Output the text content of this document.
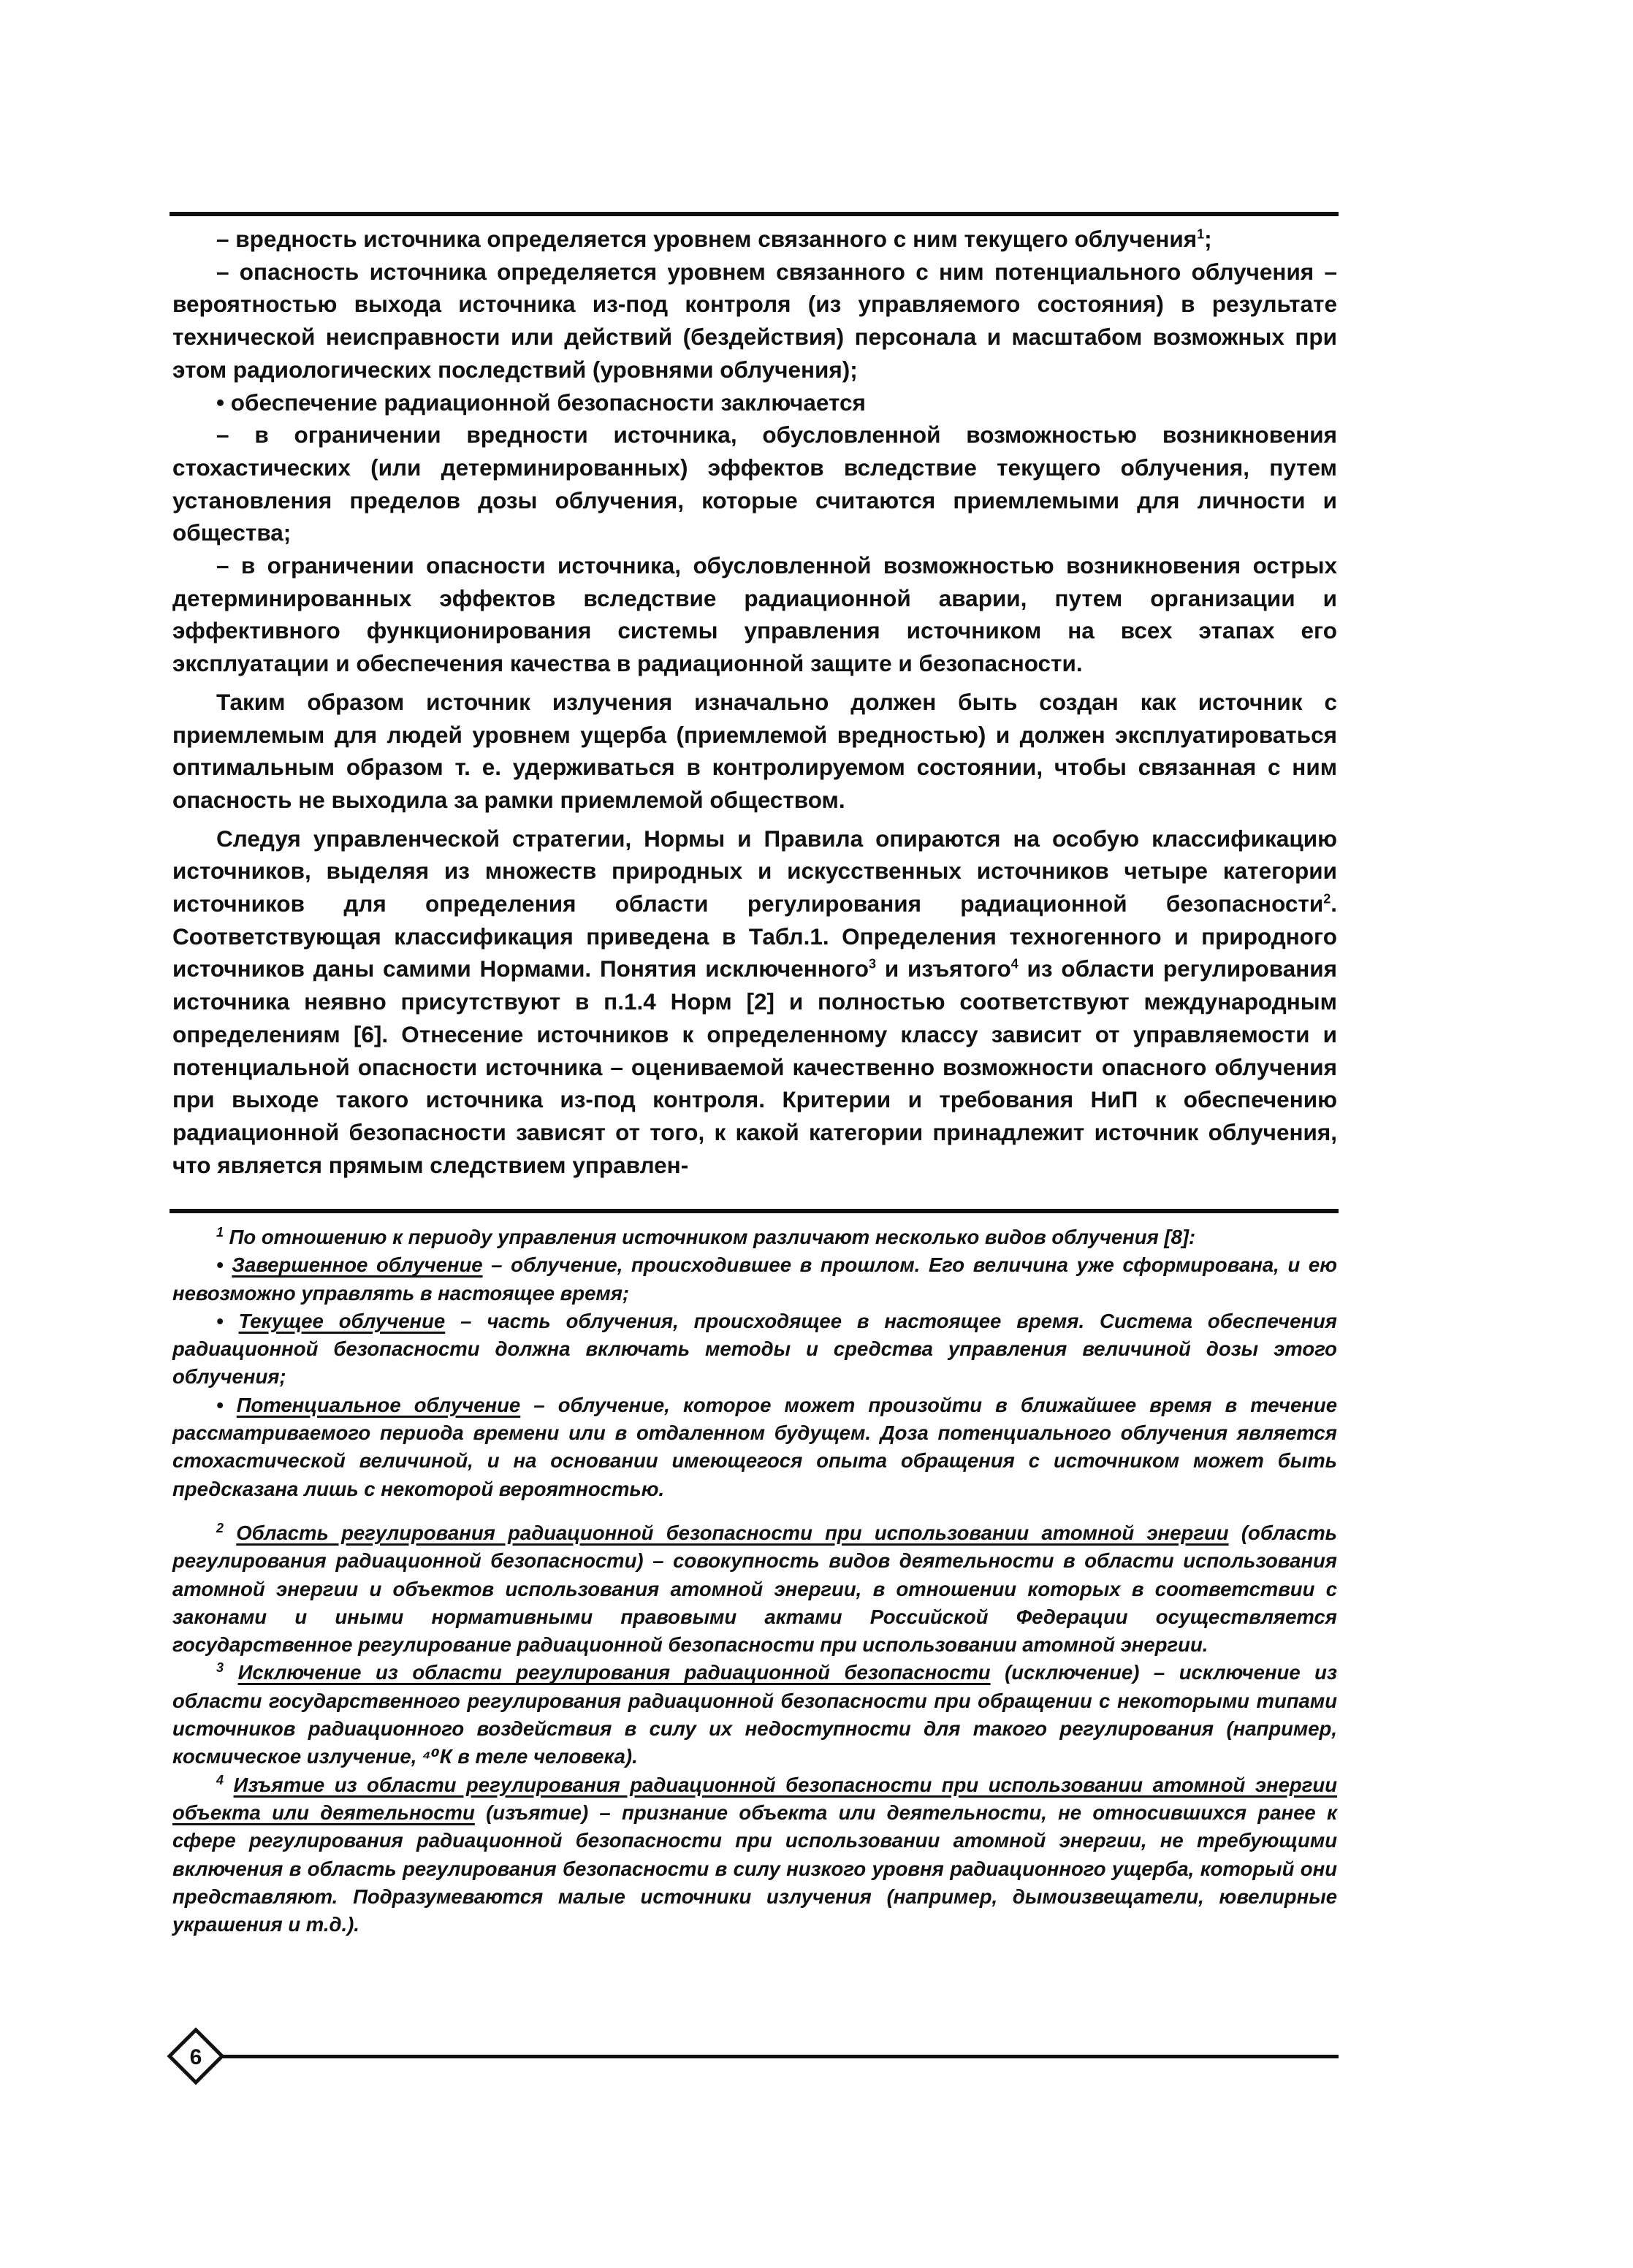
– вредность источника определяется уровнем связанного с ним текущего облучения$^1$;

– опасность источника определяется уровнем связанного с ним потенциального облучения – вероятностью выхода источника из-под контроля (из управляемого состояния) в результате технической неисправности или действий (бездействия) персонала и масштабом возможных при этом радиологических последствий (уровнями облучения);

• обеспечение радиационной безопасности заключается

– в ограничении вредности источника, обусловленной возможностью возникновения стохастических (или детерминированных) эффектов вследствие текущего облучения, путем установления пределов дозы облучения, которые считаются приемлемыми для личности и общества;

– в ограничении опасности источника, обусловленной возможностью возникновения острых детерминированных эффектов вследствие радиационной аварии, путем организации и эффективного функционирования системы управления источником на всех этапах его эксплуатации и обеспечения качества в радиационной защите и безопасности.

Таким образом источник излучения изначально должен быть создан как источник с приемлемым для людей уровнем ущерба (приемлемой вредностью) и должен эксплуатироваться оптимальным образом т. е. удерживаться в контролируемом состоянии, чтобы связанная с ним опасность не выходила за рамки приемлемой обществом.

Следуя управленческой стратегии, Нормы и Правила опираются на особую классификацию источников, выделяя из множеств природных и искусственных источников четыре категории источников для определения области регулирования радиационной безопасности$^2$. Соответствующая классификация приведена в Табл.1. Определения техногенного и природного источников даны самими Нормами. Понятия исключенного$^3$ и изъятого$^4$ из области регулирования источника неявно присутствуют в п.1.4 Норм [2] и полностью соответствуют международным определениям [6]. Отнесение источников к определенному классу зависит от управляемости и потенциальной опасности источника – оцениваемой качественно возможности опасного облучения при выходе такого источника из-под контроля. Критерии и требования НиП к обеспечению радиационной безопасности зависят от того, к какой категории принадлежит источник облучения, что является прямым следствием управлен-

$^1$ По отношению к периоду управления источником различают несколько видов облучения [8]:

• Завершенное облучение – облучение, происходившее в прошлом. Его величина уже сформирована, и ею невозможно управлять в настоящее время;

• Текущее облучение – часть облучения, происходящее в настоящее время. Система обеспечения радиационной безопасности должна включать методы и средства управления величиной дозы этого облучения;

• Потенциальное облучение – облучение, которое может произойти в ближайшее время в течение рассматриваемого периода времени или в отдаленном будущем. Доза потенциального облучения является стохастической величиной, и на основании имеющегося опыта обращения с источником может быть предсказана лишь с некоторой вероятностью.

$^2$ Область регулирования радиационной безопасности при использовании атомной энергии (область регулирования радиационной безопасности) – совокупность видов деятельности в области использования атомной энергии и объектов использования атомной энергии, в отношении которых в соответствии с законами и иными нормативными правовыми актами Российской Федерации осуществляется государственное регулирование радиационной безопасности при использовании атомной энергии.

$^3$ Исключение из области регулирования радиационной безопасности (исключение) – исключение из области государственного регулирования радиационной безопасности при обращении с некоторыми типами источников радиационного воздействия в силу их недоступности для такого регулирования (например, космическое излучение, ⁴⁰К в теле человека).

$^4$ Изъятие из области регулирования радиационной безопасности при использовании атомной энергии объекта или деятельности (изъятие) – признание объекта или деятельности, не относившихся ранее к сфере регулирования радиационной безопасности при использовании атомной энергии, не требующими включения в область регулирования безопасности в силу низкого уровня радиационного ущерба, который они представляют. Подразумеваются малые источники излучения (например, дымоизвещатели, ювелирные украшения и т.д.).

6
